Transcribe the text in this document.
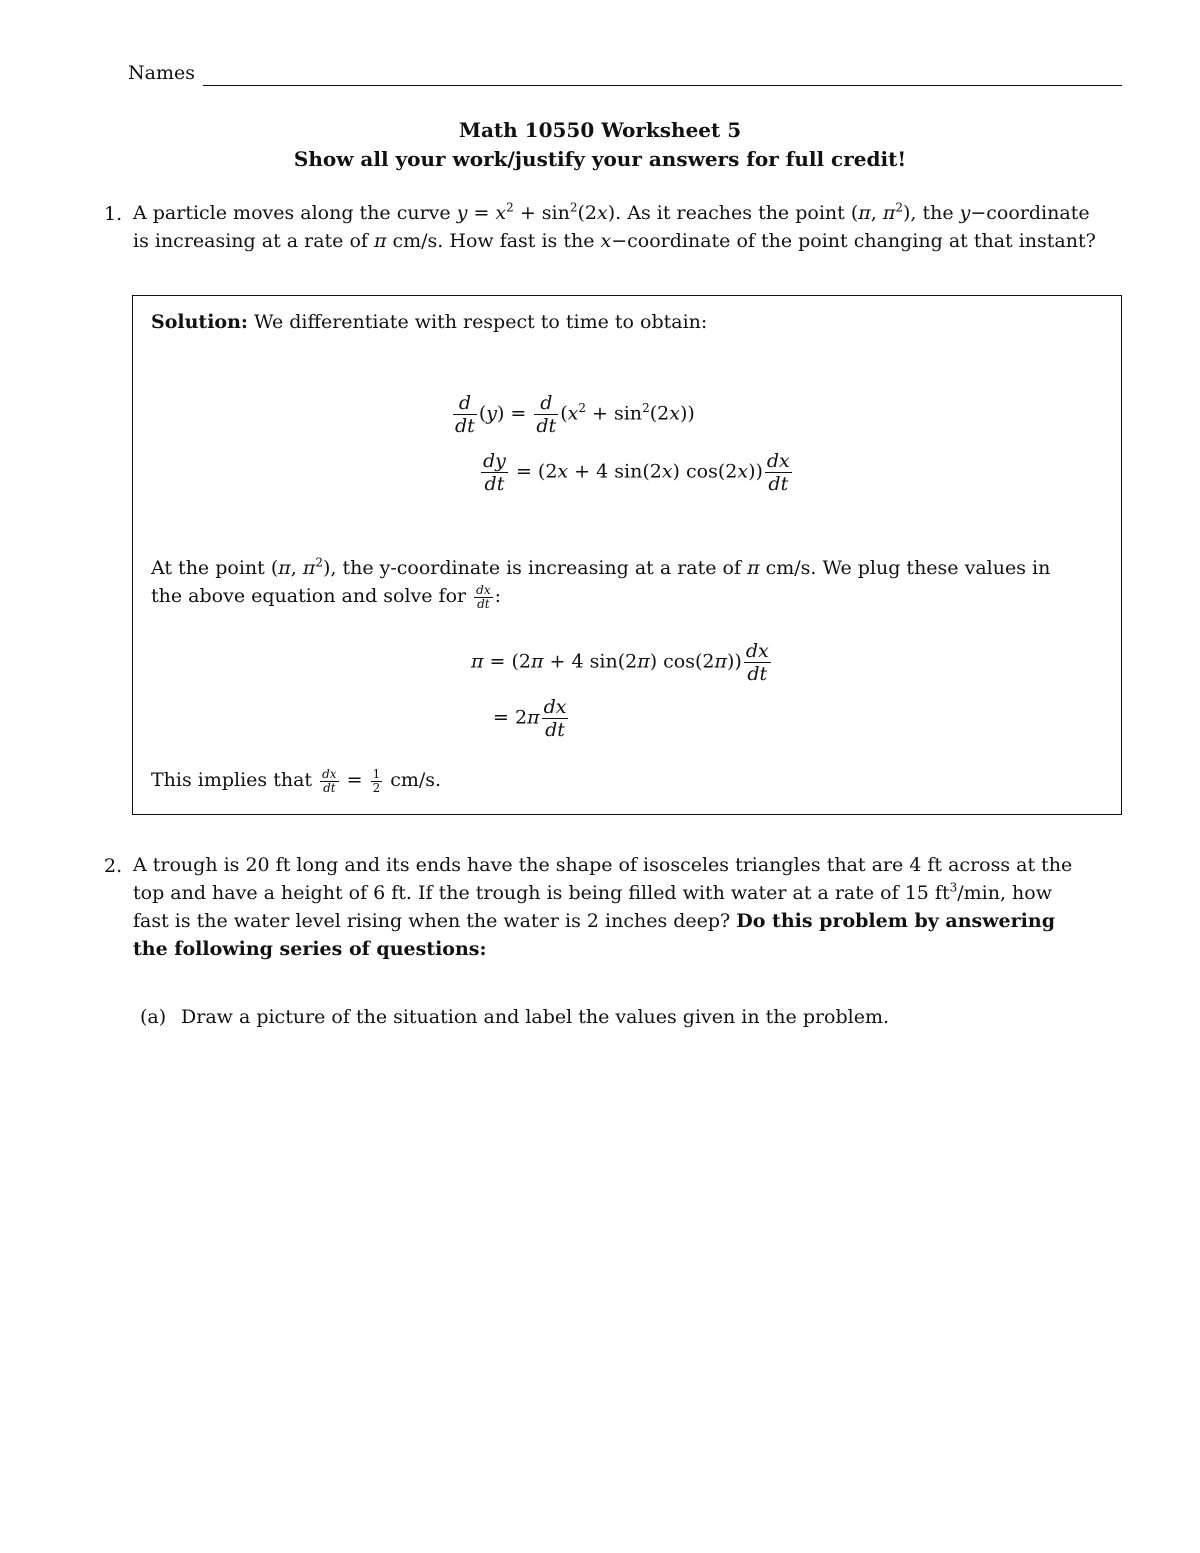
Names
Math 10550 Worksheet 5
Show all your work/justify your answers for full credit!
1. A particle moves along the curve $y = x^2 + \sin^2(2x)$. As it reaches the point (π, $\pi^2$), the y−coordinate
is increasing at a rate of π cm/s. How fast is the x−coordinate of the point changing at that instant?
Solution: We differentiate with respect to time to obtain:
$\frac{d}{dt} (y) = \frac{d}{dt} (x^2 + \sin^2(2x))$
$\frac{dy}{dt} = (2x + 4$ sin(2x) $\cos(2x)) \frac{dx}{dt}$
At the point (π, $\pi^2$), the y-coordinate is increasing at a rate of π cm/s. We plug these values in
the above equation and solve for $\frac{dx}{dt}$ :
π = (2π + 4 sin(2π) $\cos(2\pi)) \frac{dx}{dt}$
= $2\pi \frac{dx}{dt}$
This implies that $\frac{dx}{dt} = \frac{1}{2} cm/s$.
2. A trough is 20 ft long and its ends have the shape of isosceles triangles that are 4 ft across at the
top and have a height of 6 ft. If the trough is being filled with water at a rate of 15 $ft^3/\min$, how
fast is the water level rising when the water is 2 inches deep? Do this problem by answering
the following series of questions:
(a) Draw a picture of the situation and label the values given in the problem.
